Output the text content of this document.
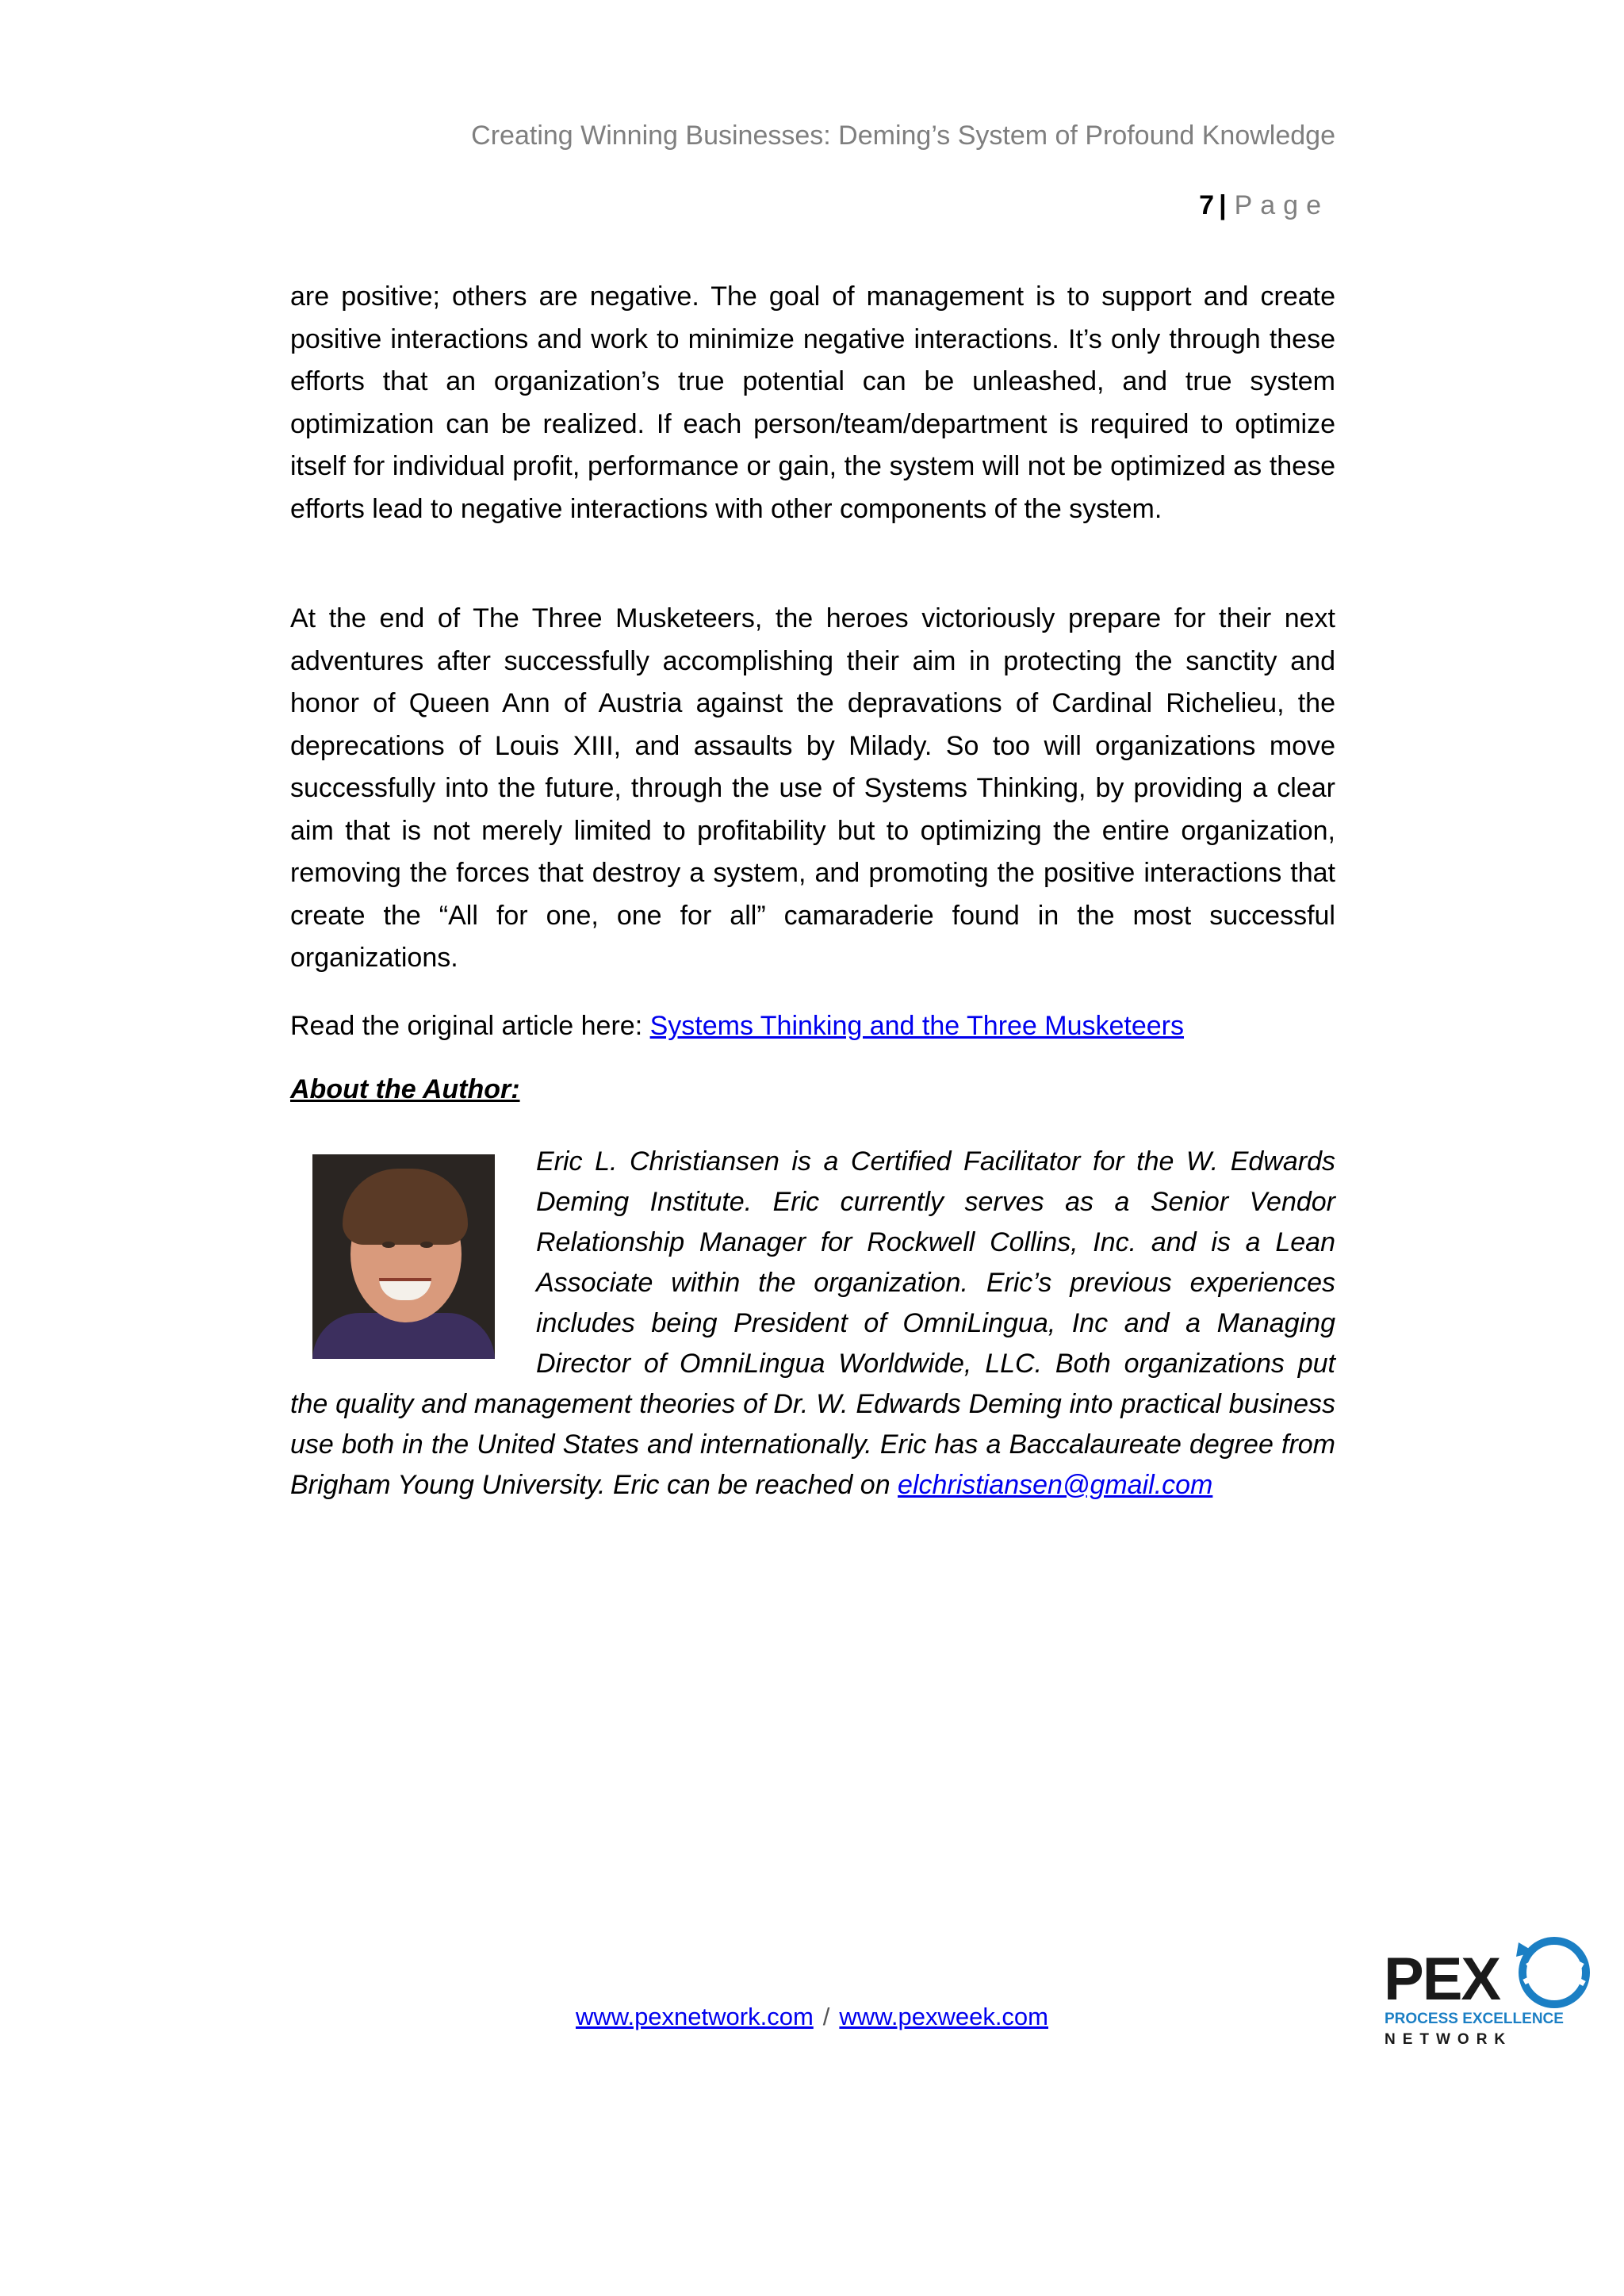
Creating Winning Businesses: Deming’s System of Profound Knowledge
7 | Page

are positive; others are negative. The goal of management is to support and create positive interactions and work to minimize negative interactions. It’s only through these efforts that an organization’s true potential can be unleashed, and true system optimization can be realized. If each person/team/department is required to optimize itself for individual profit, performance or gain, the system will not be optimized as these efforts lead to negative interactions with other components of the system.

At the end of The Three Musketeers, the heroes victoriously prepare for their next adventures after successfully accomplishing their aim in protecting the sanctity and honor of Queen Ann of Austria against the depravations of Cardinal Richelieu, the deprecations of Louis XIII, and assaults by Milady. So too will organizations move successfully into the future, through the use of Systems Thinking, by providing a clear aim that is not merely limited to profitability but to optimizing the entire organization, removing the forces that destroy a system, and promoting the positive interactions that create the “All for one, one for all” camaraderie found in the most successful organizations.

Read the original article here: Systems Thinking and the Three Musketeers

About the Author:
Eric L. Christiansen is a Certified Facilitator for the W. Edwards Deming Institute. Eric currently serves as a Senior Vendor Relationship Manager for Rockwell Collins, Inc. and is a Lean Associate within the organization. Eric’s previous experiences includes being President of OmniLingua, Inc and a Managing Director of OmniLingua Worldwide, LLC. Both organizations put the quality and management theories of Dr. W. Edwards Deming into practical business use both in the United States and internationally. Eric has a Baccalaureate degree from Brigham Young University. Eric can be reached on elchristiansen@gmail.com
www.pexnetwork.com / www.pexweek.com
PEX
PROCESS EXCELLENCE
NETWORK
